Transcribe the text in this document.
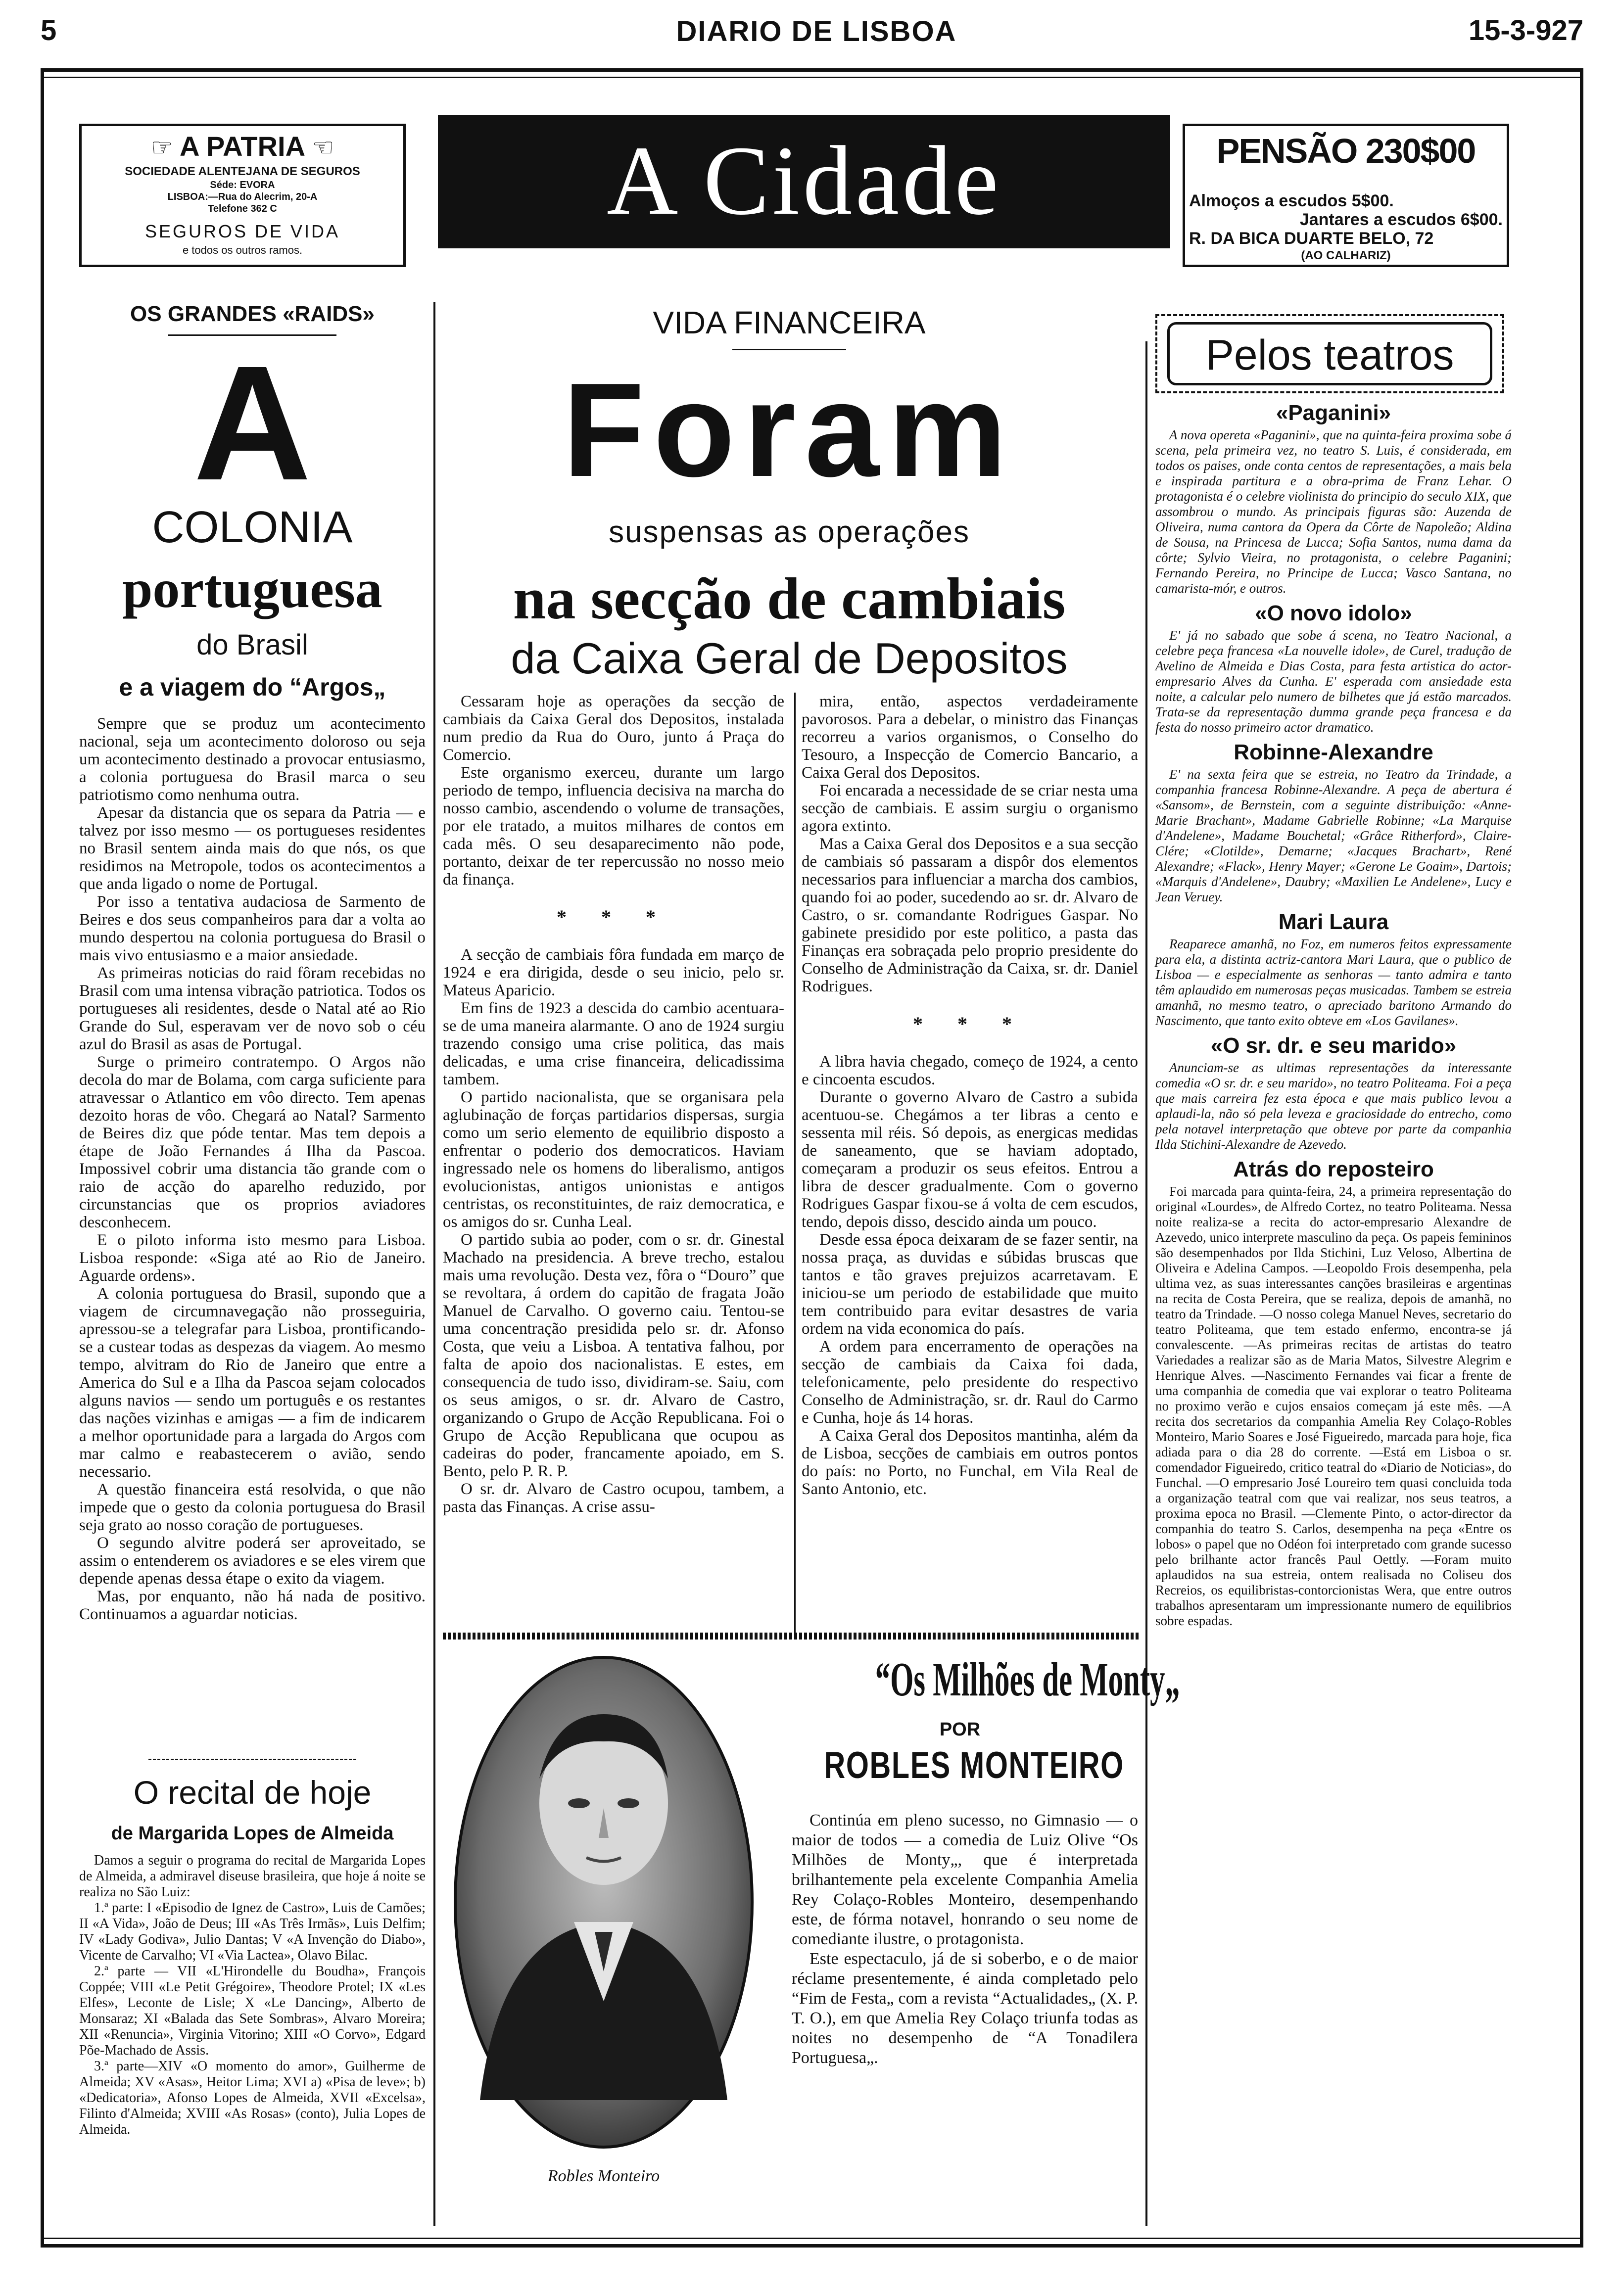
5	DIARIO DE LISBOA	15-3-927
☞ A PATRIA ☜
SOCIEDADE ALENTEJANA DE SEGUROS
Séde: EVORA
LISBOA:—Rua do Alecrim, 20-A
Telefone 362 C
SEGUROS DE VIDA
e todos os outros ramos.
A Cidade	PENSÃO 230$00
Almoços a escudos 5$00.
Jantares a escudos 6$00.
R. DA BICA DUARTE BELO, 72
(AO CALHARIZ)
OS GRANDES «RAIDS»
A
COLONIA
portuguesa
do Brasil
e a viagem do “Argos„

Sempre que se produz um acontecimento nacional, seja um acontecimento doloroso ou seja um acontecimento destinado a provocar entusiasmo, a colonia portuguesa do Brasil marca o seu patriotismo como nenhuma outra.

Apesar da distancia que os separa da Patria — e talvez por isso mesmo — os portugueses residentes no Brasil sentem ainda mais do que nós, os que residimos na Metropole, todos os acontecimentos a que anda ligado o nome de Portugal.

Por isso a tentativa audaciosa de Sarmento de Beires e dos seus companheiros para dar a volta ao mundo despertou na colonia portuguesa do Brasil o mais vivo entusiasmo e a maior ansiedade.

As primeiras noticias do raid fôram recebidas no Brasil com uma intensa vibração patriotica. Todos os portugueses ali residentes, desde o Natal até ao Rio Grande do Sul, esperavam ver de novo sob o céu azul do Brasil as asas de Portugal.

Surge o primeiro contratempo. O Argos não decola do mar de Bolama, com carga suficiente para atravessar o Atlantico em vôo directo. Tem apenas dezoito horas de vôo. Chegará ao Natal? Sarmento de Beires diz que póde tentar. Mas tem depois a étape de João Fernandes á Ilha da Pascoa. Impossivel cobrir uma distancia tão grande com o raio de acção do aparelho reduzido, por circunstancias que os proprios aviadores desconhecem.

E o piloto informa isto mesmo para Lisboa. Lisboa responde: «Siga até ao Rio de Janeiro. Aguarde ordens».

A colonia portuguesa do Brasil, supondo que a viagem de circumnavegação não prosseguiria, apressou-se a telegrafar para Lisboa, prontificando-se a custear todas as despezas da viagem. Ao mesmo tempo, alvitram do Rio de Janeiro que entre a America do Sul e a Ilha da Pascoa sejam colocados alguns navios — sendo um português e os restantes das nações vizinhas e amigas — a fim de indicarem a melhor oportunidade para a largada do Argos com mar calmo e reabastecerem o avião, sendo necessario.

A questão financeira está resolvida, o que não impede que o gesto da colonia portuguesa do Brasil seja grato ao nosso coração de portugueses.

O segundo alvitre poderá ser aproveitado, se assim o entenderem os aviadores e se eles virem que depende apenas dessa étape o exito da viagem.

Mas, por enquanto, não há nada de positivo. Continuamos a aguardar noticias.

O recital de hoje
de Margarida Lopes de Almeida

Damos a seguir o programa do recital de Margarida Lopes de Almeida, a admiravel diseuse brasileira, que hoje á noite se realiza no São Luiz:

1.ª parte: I «Episodio de Ignez de Castro», Luis de Camões; II «A Vida», João de Deus; III «As Três Irmãs», Luis Delfim; IV «Lady Godiva», Julio Dantas; V «A Invenção do Diabo», Vicente de Carvalho; VI «Via Lactea», Olavo Bilac.

2.ª parte — VII «L'Hirondelle du Boudha», François Coppée; VIII «Le Petit Grégoire», Theodore Protel; IX «Les Elfes», Leconte de Lisle; X «Le Dancing», Alberto de Monsaraz; XI «Balada das Sete Sombras», Alvaro Moreira; XII «Renuncia», Virginia Vitorino; XIII «O Corvo», Edgard Põe-Machado de Assis.

3.ª parte—XIV «O momento do amor», Guilherme de Almeida; XV «Asas», Heitor Lima; XVI a) «Pisa de leve»; b) «Dedicatoria», Afonso Lopes de Almeida, XVII «Excelsa», Filinto d'Almeida; XVIII «As Rosas» (conto), Julia Lopes de Almeida.

VIDA FINANCEIRA
Foram
suspensas as operações
na secção de cambiais
da Caixa Geral de Depositos

Cessaram hoje as operações da secção de cambiais da Caixa Geral dos Depositos, instalada num predio da Rua do Ouro, junto á Praça do Comercio.

Este organismo exerceu, durante um largo periodo de tempo, influencia decisiva na marcha do nosso cambio, ascendendo o volume de transações, por ele tratado, a muitos milhares de contos em cada mês. O seu desaparecimento não pode, portanto, deixar de ter repercussão no nosso meio da finança.

* * *

A secção de cambiais fôra fundada em março de 1924 e era dirigida, desde o seu inicio, pelo sr. Mateus Aparicio.

Em fins de 1923 a descida do cambio acentuara-se de uma maneira alarmante. O ano de 1924 surgiu trazendo consigo uma crise politica, das mais delicadas, e uma crise financeira, delicadissima tambem.

O partido nacionalista, que se organisara pela aglubinação de forças partidarios dispersas, surgia como um serio elemento de equilibrio disposto a enfrentar o poderio dos democraticos. Haviam ingressado nele os homens do liberalismo, antigos evolucionistas, antigos unionistas e antigos centristas, os reconstituintes, de raiz democratica, e os amigos do sr. Cunha Leal.

O partido subia ao poder, com o sr. dr. Ginestal Machado na presidencia. A breve trecho, estalou mais uma revolução. Desta vez, fôra o “Douro” que se revoltara, á ordem do capitão de fragata João Manuel de Carvalho. O governo caiu. Tentou-se uma concentração presidida pelo sr. dr. Afonso Costa, que veiu a Lisboa. A tentativa falhou, por falta de apoio dos nacionalistas. E estes, em consequencia de tudo isso, dividiram-se. Saiu, com os seus amigos, o sr. dr. Alvaro de Castro, organizando o Grupo de Acção Republicana. Foi o Grupo de Acção Republicana que ocupou as cadeiras do poder, francamente apoiado, em S. Bento, pelo P. R. P.

O sr. dr. Alvaro de Castro ocupou, tambem, a pasta das Finanças. A crise assu-

mira, então, aspectos verdadeiramente pavorosos. Para a debelar, o ministro das Finanças recorreu a varios organismos, o Conselho do Tesouro, a Inspecção de Comercio Bancario, a Caixa Geral dos Depositos.

Foi encarada a necessidade de se criar nesta uma secção de cambiais. E assim surgiu o organismo agora extinto.

Mas a Caixa Geral dos Depositos e a sua secção de cambiais só passaram a dispôr dos elementos necessarios para influenciar a marcha dos cambios, quando foi ao poder, sucedendo ao sr. dr. Alvaro de Castro, o sr. comandante Rodrigues Gaspar. No gabinete presidido por este politico, a pasta das Finanças era sobraçada pelo proprio presidente do Conselho de Administração da Caixa, sr. dr. Daniel Rodrigues.

* * *

A libra havia chegado, começo de 1924, a cento e cincoenta escudos.

Durante o governo Alvaro de Castro a subida acentuou-se. Chegámos a ter libras a cento e sessenta mil réis. Só depois, as energicas medidas de saneamento, que se haviam adoptado, começaram a produzir os seus efeitos. Entrou a libra de descer gradualmente. Com o governo Rodrigues Gaspar fixou-se á volta de cem escudos, tendo, depois disso, descido ainda um pouco.

Desde essa época deixaram de se fazer sentir, na nossa praça, as duvidas e súbidas bruscas que tantos e tão graves prejuizos acarretavam. E iniciou-se um periodo de estabilidade que muito tem contribuido para evitar desastres de varia ordem na vida economica do país.

A ordem para encerramento de operações na secção de cambiais da Caixa foi dada, telefonicamente, pelo presidente do respectivo Conselho de Administração, sr. dr. Raul do Carmo e Cunha, hoje ás 14 horas.

A Caixa Geral dos Depositos mantinha, além da de Lisboa, secções de cambiais em outros pontos do país: no Porto, no Funchal, em Vila Real de Santo Antonio, etc.

Robles Monteiro
“Os Milhões de Monty„
POR
ROBLES MONTEIRO

Continúa em pleno sucesso, no Gimnasio — o maior de todos — a comedia de Luiz Olive “Os Milhões de Monty„, que é interpretada brilhantemente pela excelente Companhia Amelia Rey Colaço-Robles Monteiro, desempenhando este, de fórma notavel, honrando o seu nome de comediante ilustre, o protagonista.

Este espectaculo, já de si soberbo, e o de maior réclame presentemente, é ainda completado pelo “Fim de Festa„ com a revista “Actualidades„ (X. P. T. O.), em que Amelia Rey Colaço triunfa todas as noites no desempenho de “A Tonadilera Portuguesa„.

Pelos teatros
«Paganini»
A nova opereta «Paganini», que na quinta-feira proxima sobe á scena, pela primeira vez, no teatro S. Luis, é considerada, em todos os paises, onde conta centos de representações, a mais bela e inspirada partitura e a obra-prima de Franz Lehar. O protagonista é o celebre violinista do principio do seculo XIX, que assombrou o mundo. As principais figuras são: Auzenda de Oliveira, numa cantora da Opera da Côrte de Napoleão; Aldina de Sousa, na Princesa de Lucca; Sofia Santos, numa dama da côrte; Sylvio Vieira, no protagonista, o celebre Paganini; Fernando Pereira, no Principe de Lucca; Vasco Santana, no camarista-mór, e outros.
«O novo idolo»
E' já no sabado que sobe á scena, no Teatro Nacional, a celebre peça francesa «La nouvelle idole», de Curel, tradução de Avelino de Almeida e Dias Costa, para festa artistica do actor-empresario Alves da Cunha. E' esperada com ansiedade esta noite, a calcular pelo numero de bilhetes que já estão marcados. Trata-se da representação dumma grande peça francesa e da festa do nosso primeiro actor dramatico.
Robinne-Alexandre
E' na sexta feira que se estreia, no Teatro da Trindade, a companhia francesa Robinne-Alexandre. A peça de abertura é «Sansom», de Bernstein, com a seguinte distribuição: «Anne-Marie Brachant», Madame Gabrielle Robinne; «La Marquise d'Andelene», Madame Bouchetal; «Grâce Ritherford», Claire-Clére; «Clotilde», Demarne; «Jacques Brachart», René Alexandre; «Flack», Henry Mayer; «Gerone Le Goaim», Dartois; «Marquis d'Andelene», Daubry; «Maxilien Le Andelene», Lucy e Jean Veruey.
Mari Laura
Reaparece amanhã, no Foz, em numeros feitos expressamente para ela, a distinta actriz-cantora Mari Laura, que o publico de Lisboa — e especialmente as senhoras — tanto admira e tanto têm aplaudido em numerosas peças musicadas. Tambem se estreia amanhã, no mesmo teatro, o apreciado baritono Armando do Nascimento, que tanto exito obteve em «Los Gavilanes».
«O sr. dr. e seu marido»
Anunciam-se as ultimas representações da interessante comedia «O sr. dr. e seu marido», no teatro Politeama. Foi a peça que mais carreira fez esta época e que mais publico levou a aplaudi-la, não só pela leveza e graciosidade do entrecho, como pela notavel interpretação que obteve por parte da companhia Ilda Stichini-Alexandre de Azevedo.
Atrás do reposteiro
Foi marcada para quinta-feira, 24, a primeira representação do original «Lourdes», de Alfredo Cortez, no teatro Politeama. Nessa noite realiza-se a recita do actor-empresario Alexandre de Azevedo, unico interprete masculino da peça. Os papeis femininos são desempenhados por Ilda Stichini, Luz Veloso, Albertina de Oliveira e Adelina Campos. —Leopoldo Frois desempenha, pela ultima vez, as suas interessantes canções brasileiras e argentinas na recita de Costa Pereira, que se realiza, depois de amanhã, no teatro da Trindade. —O nosso colega Manuel Neves, secretario do teatro Politeama, que tem estado enfermo, encontra-se já convalescente. —As primeiras recitas de artistas do teatro Variedades a realizar são as de Maria Matos, Silvestre Alegrim e Henrique Alves. —Nascimento Fernandes vai ficar a frente de uma companhia de comedia que vai explorar o teatro Politeama no proximo verão e cujos ensaios começam já este mês. —A recita dos secretarios da companhia Amelia Rey Colaço-Robles Monteiro, Mario Soares e José Figueiredo, marcada para hoje, fica adiada para o dia 28 do corrente. —Está em Lisboa o sr. comendador Figueiredo, critico teatral do «Diario de Noticias», do Funchal. —O empresario José Loureiro tem quasi concluida toda a organização teatral com que vai realizar, nos seus teatros, a proxima epoca no Brasil. —Clemente Pinto, o actor-director da companhia do teatro S. Carlos, desempenha na peça «Entre os lobos» o papel que no Odéon foi interpretado com grande sucesso pelo brilhante actor francês Paul Oettly. —Foram muito aplaudidos na sua estreia, ontem realisada no Coliseu dos Recreios, os equilibristas-contorcionistas Wera, que entre outros trabalhos apresentaram um impressionante numero de equilibrios sobre espadas.
